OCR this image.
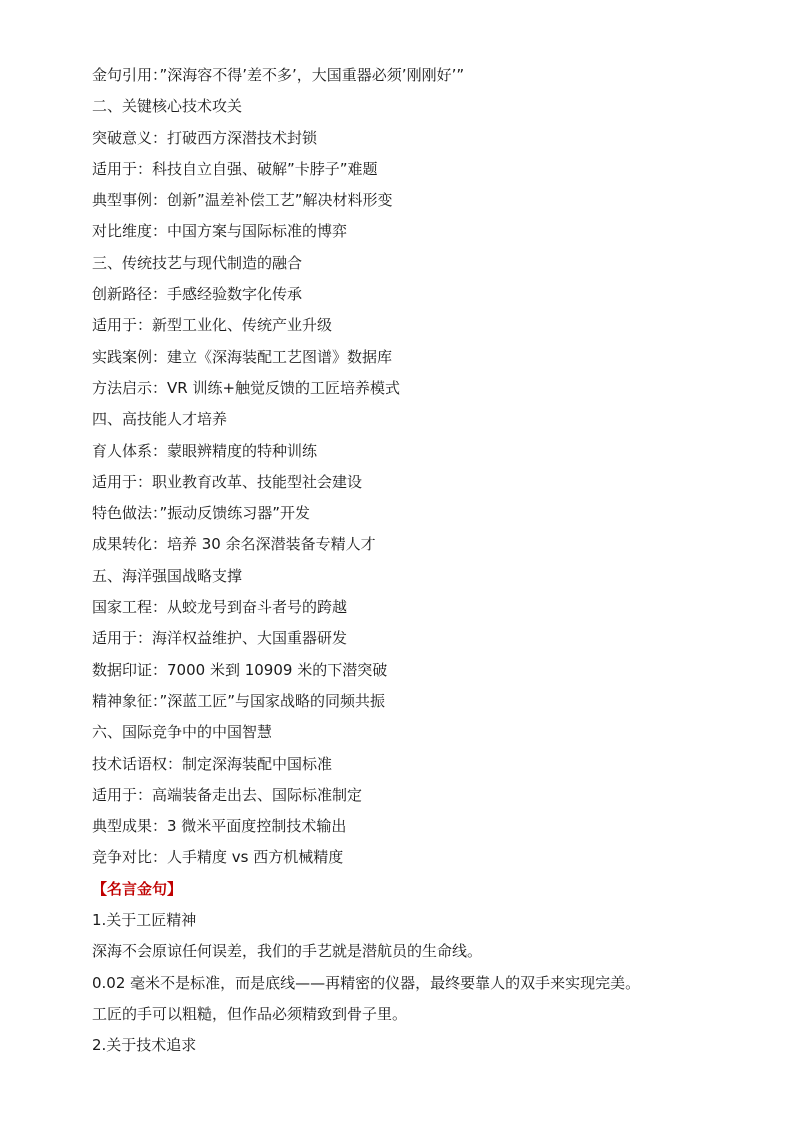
金句引用：”深海容不得’差不多’，大国重器必须’刚刚好’”

二、关键核心技术攻关

突破意义：打破西方深潜技术封锁

适用于：科技自立自强、破解”卡脖子”难题

典型事例：创新”温差补偿工艺”解决材料形变

对比维度：中国方案与国际标准的博弈

三、传统技艺与现代制造的融合

创新路径：手感经验数字化传承

适用于：新型工业化、传统产业升级

实践案例：建立《深海装配工艺图谱》数据库

方法启示：VR 训练+触觉反馈的工匠培养模式

四、高技能人才培养

育人体系：蒙眼辨精度的特种训练

适用于：职业教育改革、技能型社会建设

特色做法：”振动反馈练习器”开发

成果转化：培养 30 余名深潜装备专精人才

五、海洋强国战略支撑

国家工程：从蛟龙号到奋斗者号的跨越

适用于：海洋权益维护、大国重器研发

数据印证：7000 米到 10909 米的下潜突破

精神象征：”深蓝工匠”与国家战略的同频共振

六、国际竞争中的中国智慧

技术话语权：制定深海装配中国标准

适用于：高端装备走出去、国际标准制定

典型成果：3 微米平面度控制技术输出

竞争对比：人手精度 vs 西方机械精度

【名言金句】

1.关于工匠精神

深海不会原谅任何误差，我们的手艺就是潜航员的生命线。

0.02 毫米不是标准，而是底线——再精密的仪器，最终要靠人的双手来实现完美。

工匠的手可以粗糙，但作品必须精致到骨子里。

2.关于技术追求
